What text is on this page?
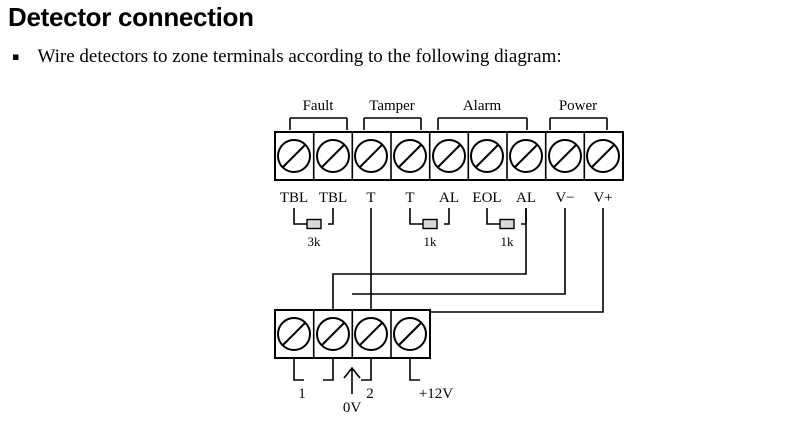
Detector connection
▪ Wire detectors to zone terminals according to the following diagram:
Fault Tamper	Alarm	Power
TBL TBL T T AL EOL AL V− V+
3k	1k	1k
1
0V
2	+12V
